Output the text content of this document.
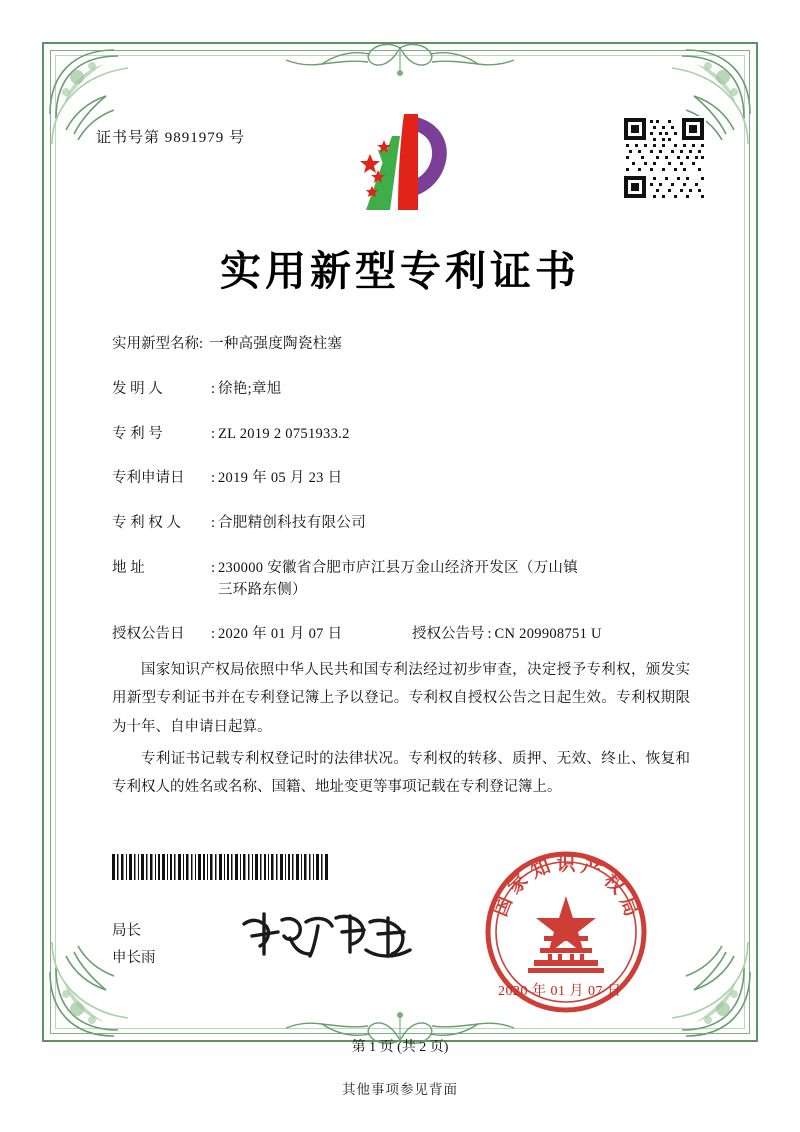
证书号第 9891979 号
实用新型专利证书
实用新型名称: 一种高强度陶瓷柱塞
发 明 人	: 徐艳;章旭
专 利 号	: ZL 2019 2 0751933.2
专利申请日	: 2019 年 05 月 23 日
专 利 权 人	: 合肥精创科技有限公司
地 址	: 230000 安徽省合肥市庐江县万金山经济开发区（万山镇
三环路东侧）
授权公告日	: 2020 年 01 月 07 日	授权公告号 : CN 209908751 U

国家知识产权局依照中华人民共和国专利法经过初步审查，决定授予专利权，颁发实用新型专利证书并在专利登记簿上予以登记。专利权自授权公告之日起生效。专利权期限为十年、自申请日起算。

专利证书记载专利权登记时的法律状况。专利权的转移、质押、无效、终止、恢复和专利权人的姓名或名称、国籍、地址变更等事项记载在专利登记簿上。

局长
申长雨
国
家
知 识 产
权
局
2020 年 01 月 07 日
第 1 页 (共 2 页)
其他事项参见背面
